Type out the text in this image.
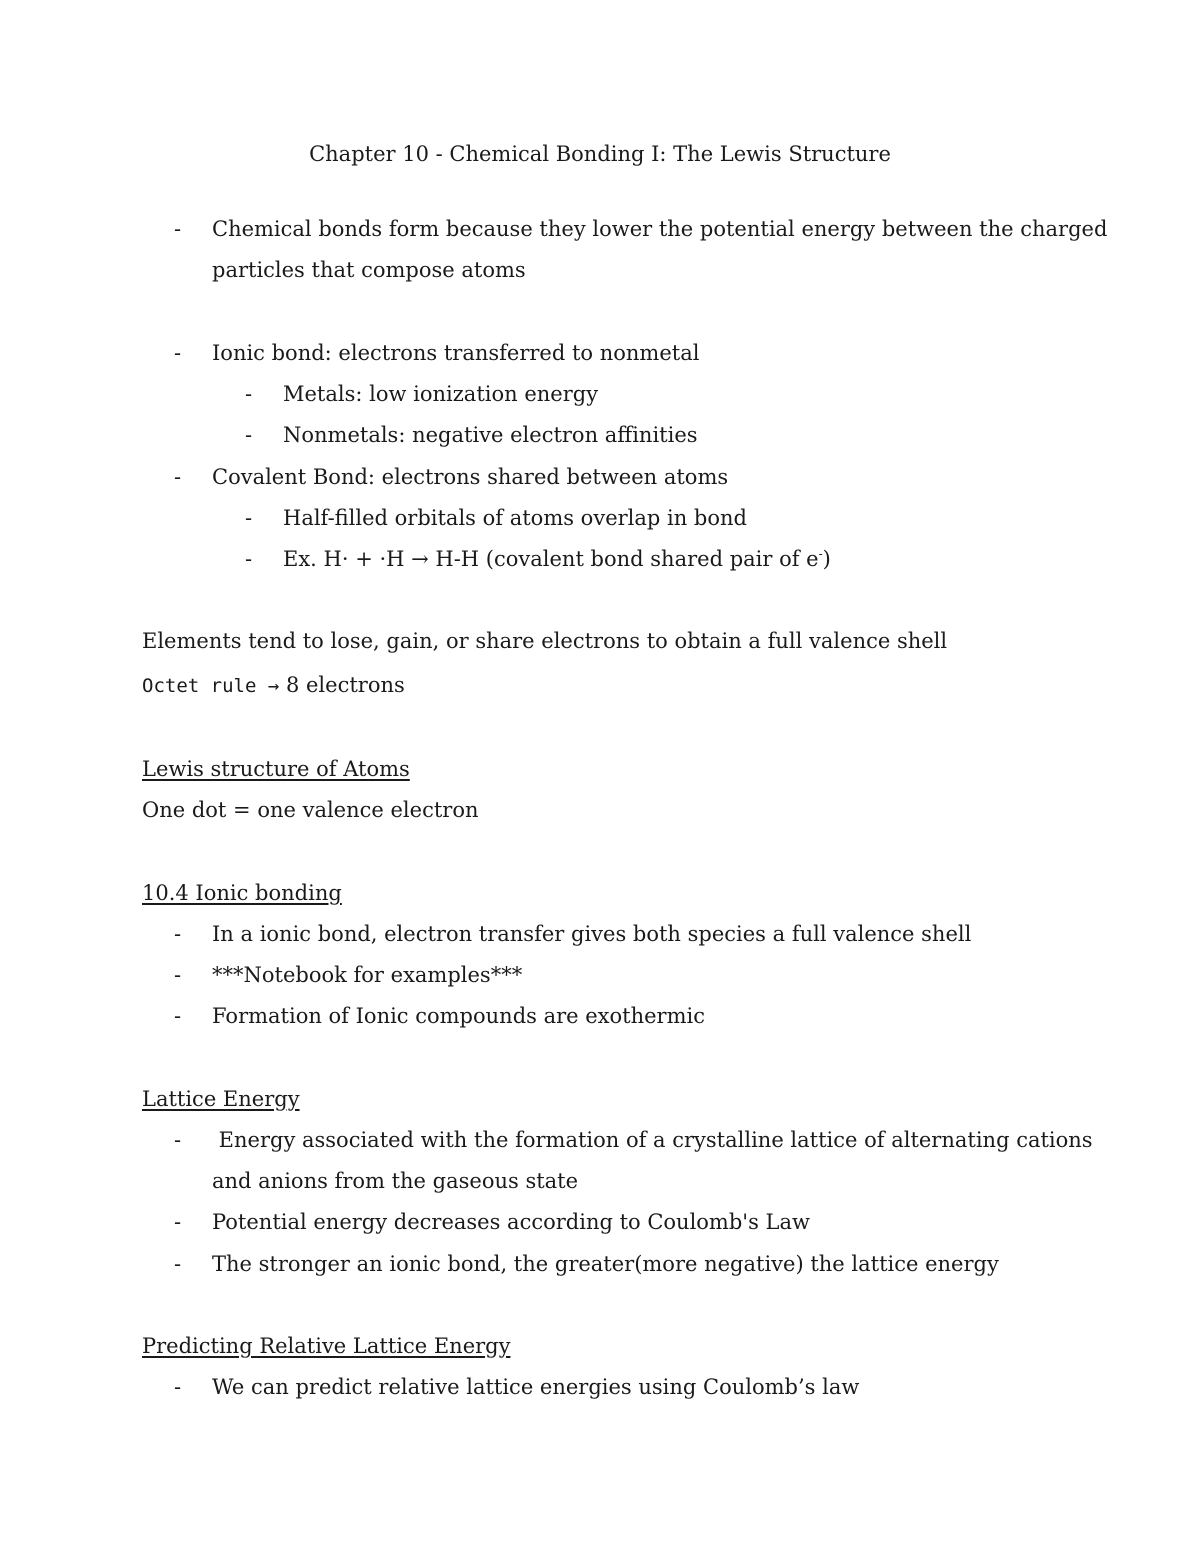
Chapter 10 - Chemical Bonding I: The Lewis Structure
- Chemical bonds form because they lower the potential energy between the charged
particles that compose atoms
- Ionic bond: electrons transferred to nonmetal
- Metals: low ionization energy
- Nonmetals: negative electron affinities
- Covalent Bond: electrons shared between atoms
- Half-filled orbitals of atoms overlap in bond
- Ex. H· + ·H → H-H (covalent bond shared pair of e-)
Elements tend to lose, gain, or share electrons to obtain a full valence shell
Octet rule → 8 electrons
Lewis structure of Atoms
One dot = one valence electron
10.4 Ionic bonding
- In a ionic bond, electron transfer gives both species a full valence shell
- ***Notebook for examples***
- Formation of Ionic compounds are exothermic
Lattice Energy
- Energy associated with the formation of a crystalline lattice of alternating cations
and anions from the gaseous state
- Potential energy decreases according to Coulomb's Law
- The stronger an ionic bond, the greater(more negative) the lattice energy
Predicting Relative Lattice Energy
- We can predict relative lattice energies using Coulomb’s law
